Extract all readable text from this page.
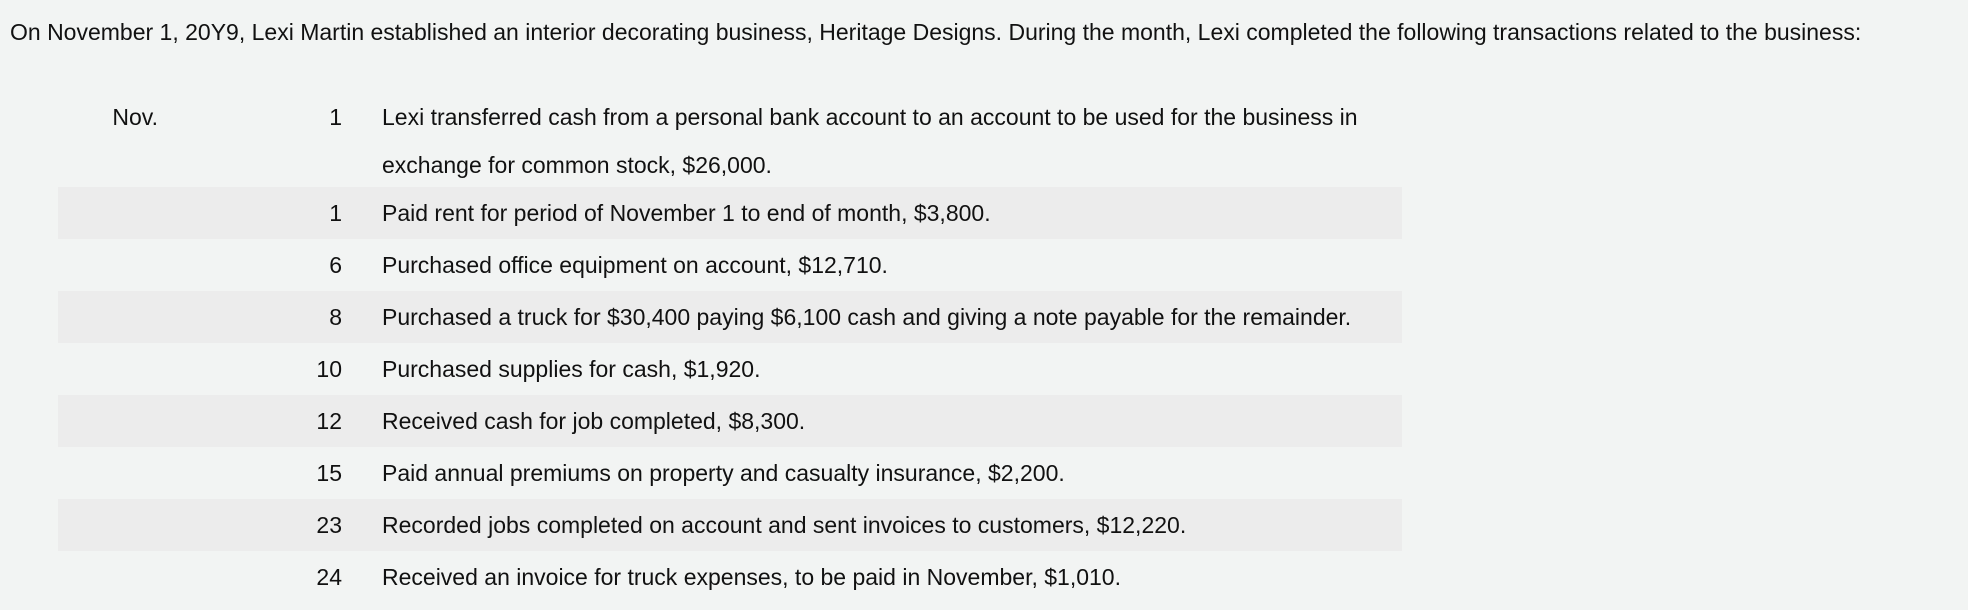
On November 1, 20Y9, Lexi Martin established an interior decorating business, Heritage Designs. During the month, Lexi completed the following transactions related to the business:
Nov.	1	Lexi transferred cash from a personal bank account to an account to be used for the business in
exchange for common stock, $26,000.

	1	Paid rent for period of November 1 to end of month, $3,800.
	6	Purchased office equipment on account, $12,710.
	8	Purchased a truck for $30,400 paying $6,100 cash and giving a note payable for the remainder.
	10	Purchased supplies for cash, $1,920.
	12	Received cash for job completed, $8,300.
	15	Paid annual premiums on property and casualty insurance, $2,200.
	23	Recorded jobs completed on account and sent invoices to customers, $12,220.
	24	Received an invoice for truck expenses, to be paid in November, $1,010.
